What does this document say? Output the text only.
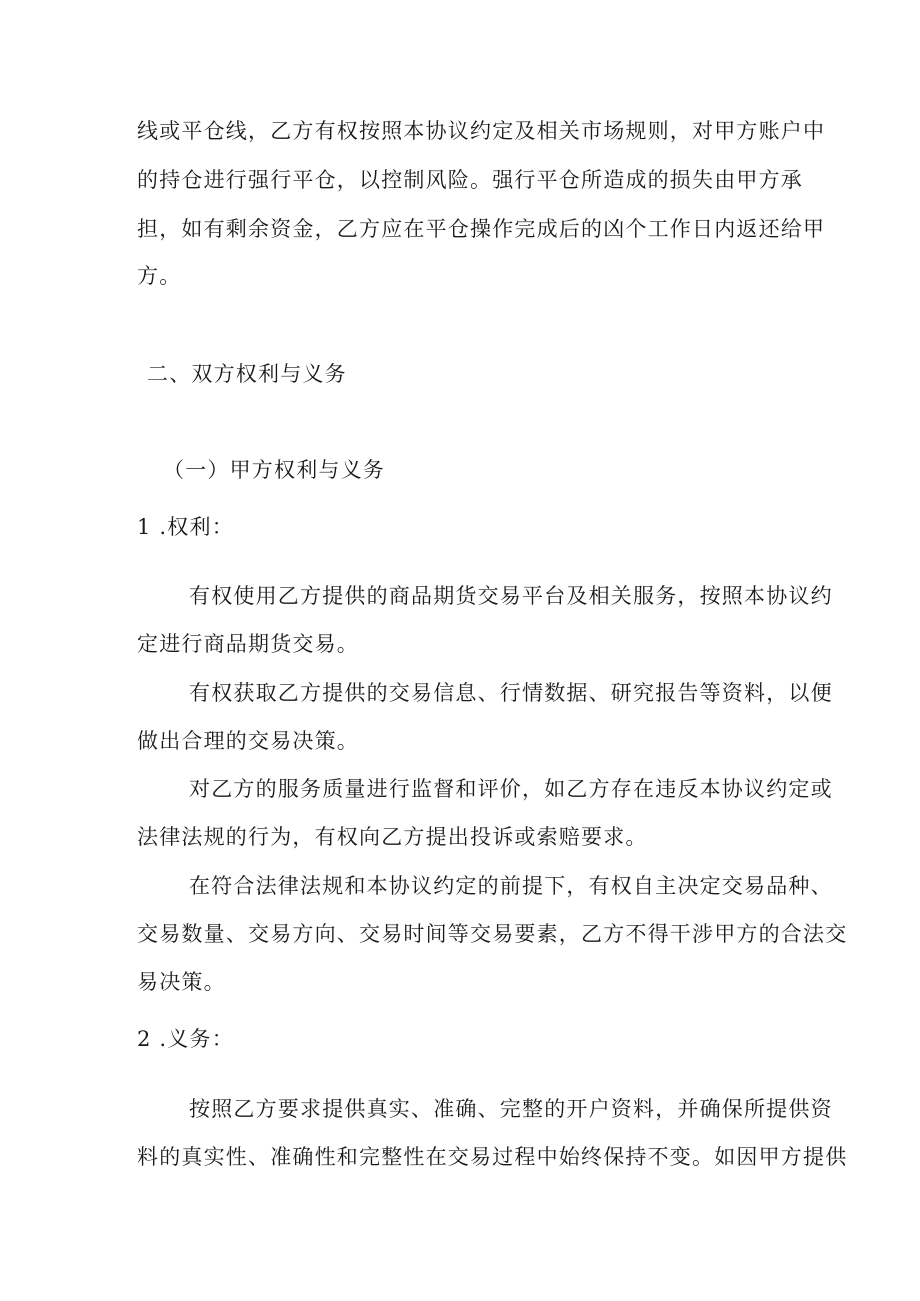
线或平仓线，乙方有权按照本协议约定及相关市场规则，对甲方账户中
的持仓进行强行平仓，以控制风险。强行平仓所造成的损失由甲方承
担，如有剩余资金，乙方应在平仓操作完成后的凶个工作日内返还给甲
方。
二、双方权利与义务
（一）甲方权利与义务
1 .权利：
有权使用乙方提供的商品期货交易平台及相关服务，按照本协议约
定进行商品期货交易。
有权获取乙方提供的交易信息、行情数据、研究报告等资料，以便
做出合理的交易决策。
对乙方的服务质量进行监督和评价，如乙方存在违反本协议约定或
法律法规的行为，有权向乙方提出投诉或索赔要求。
在符合法律法规和本协议约定的前提下，有权自主决定交易品种、
交易数量、交易方向、交易时间等交易要素，乙方不得干涉甲方的合法交
易决策。
2 .义务：
按照乙方要求提供真实、准确、完整的开户资料，并确保所提供资
料的真实性、准确性和完整性在交易过程中始终保持不变。如因甲方提供
